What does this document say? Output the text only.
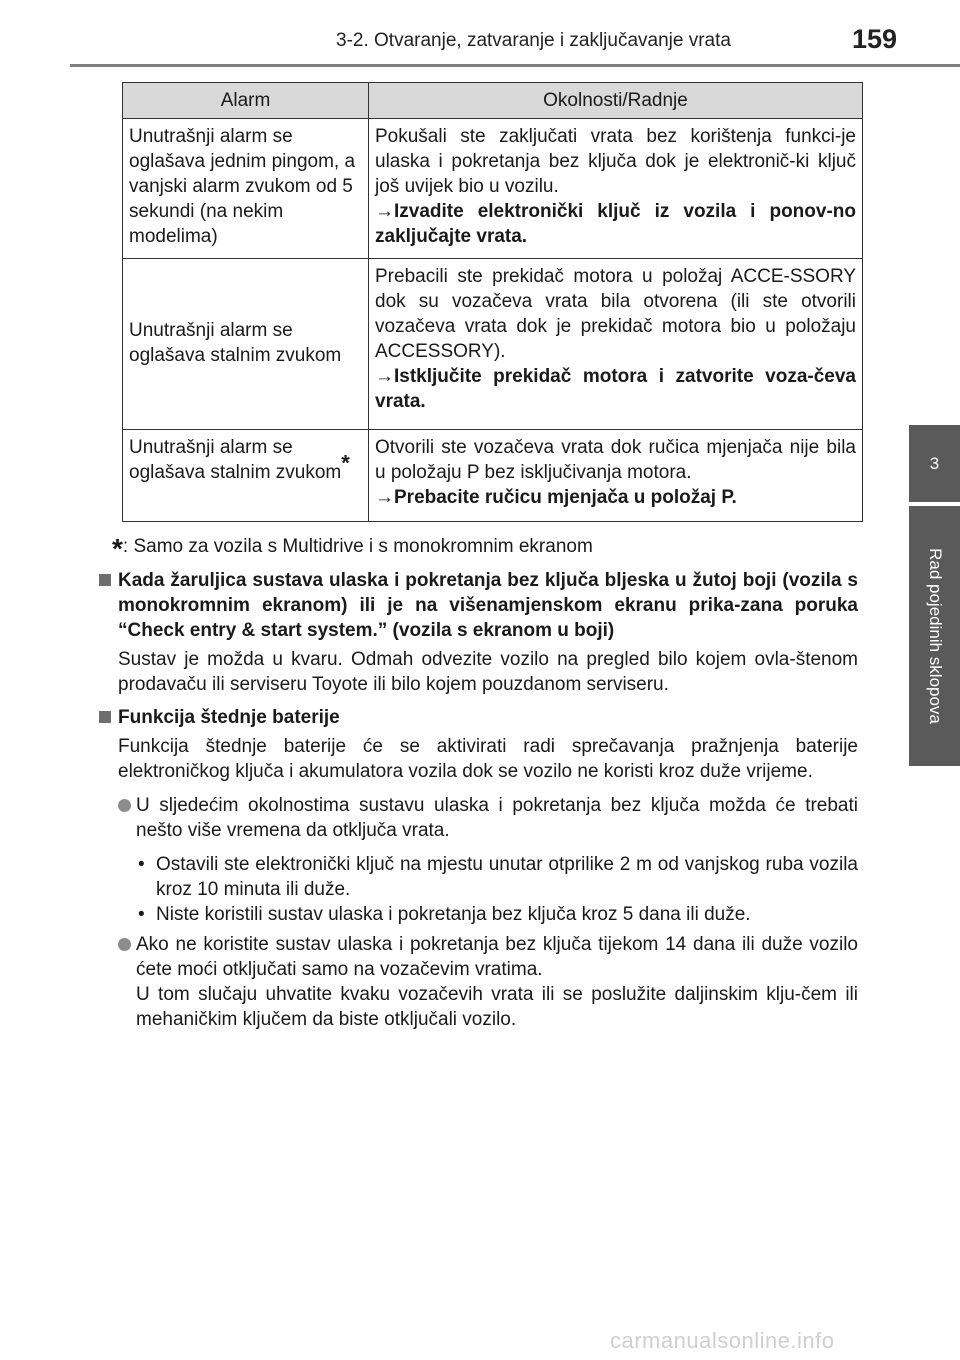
3-2. Otvaranje, zatvaranje i zaključavanje vrata	159
3
Rad pojedinih sklopova
Alarm	Okolnosti/Radnje
Unutrašnji alarm se oglašava jednim pingom, a vanjski alarm zvukom od 5 sekundi (na nekim modelima)	Pokušali ste zaključati vrata bez korištenja funkci-je ulaska i pokretanja bez ključa dok je elektronič-ki ključ još uvijek bio u vozilu.
→Izvadite elektronički ključ iz vozila i ponov-no zaključajte vrata.
Unutrašnji alarm se oglašava stalnim zvukom	Prebacili ste prekidač motora u položaj ACCE-SSORY dok su vozačeva vrata bila otvorena (ili ste otvorili vozačeva vrata dok je prekidač motora bio u položaju ACCESSORY).
→Istključite prekidač motora i zatvorite voza-čeva vrata.
Unutrašnji alarm se oglašava stalnim zvukom*	Otvorili ste vozačeva vrata dok ručica mjenjača nije bila u položaju P bez isključivanja motora.
→Prebacite ručicu mjenjača u položaj P.
*: Samo za vozila s Multidrive i s monokromnim ekranom
Kada žaruljica sustava ulaska i pokretanja bez ključa bljeska u žutoj boji (vozila s monokromnim ekranom) ili je na višenamjenskom ekranu prika-zana poruka “Check entry & start system.” (vozila s ekranom u boji)
Sustav je možda u kvaru. Odmah odvezite vozilo na pregled bilo kojem ovla-štenom prodavaču ili serviseru Toyote ili bilo kojem pouzdanom serviseru.
Funkcija štednje baterije
Funkcija štednje baterije će se aktivirati radi sprečavanja pražnjenja baterije elektroničkog ključa i akumulatora vozila dok se vozilo ne koristi kroz duže vrijeme.
U sljedećim okolnostima sustavu ulaska i pokretanja bez ključa možda će trebati nešto više vremena da otključa vrata.
• Ostavili ste elektronički ključ na mjestu unutar otprilike 2 m od vanjskog ruba vozila kroz 10 minuta ili duže.
• Niste koristili sustav ulaska i pokretanja bez ključa kroz 5 dana ili duže.
Ako ne koristite sustav ulaska i pokretanja bez ključa tijekom 14 dana ili duže vozilo ćete moći otključati samo na vozačevim vratima.
U tom slučaju uhvatite kvaku vozačevih vrata ili se poslužite daljinskim klju-čem ili mehaničkim ključem da biste otključali vozilo.
carmanualsonline.info
